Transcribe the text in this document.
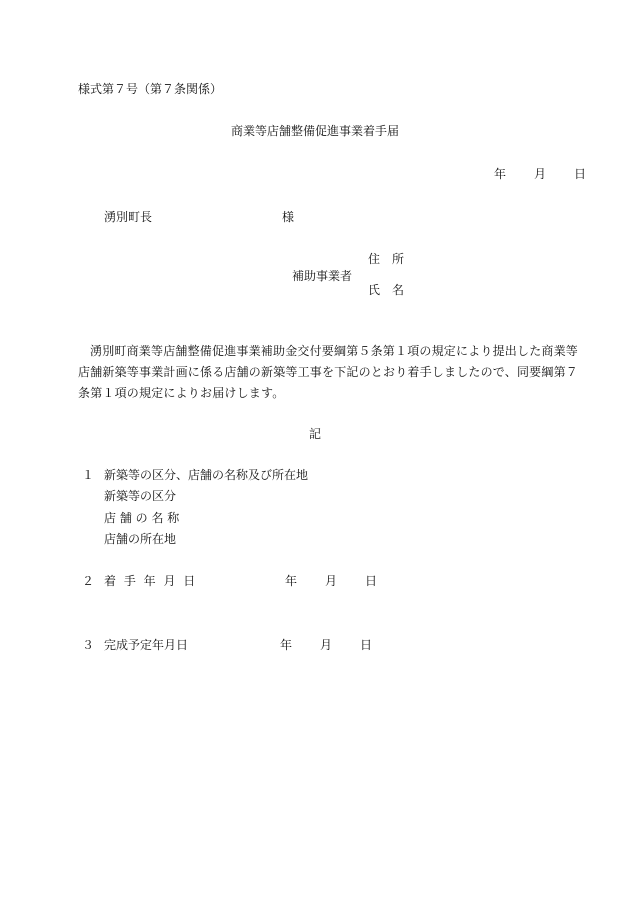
様式第７号（第７条関係）
商業等店舗整備促進事業着手届
年 月 日
湧別町長	様
住　所
補助事業者
氏　名
湧別町商業等店舗整備促進事業補助金交付要綱第５条第１項の規定により提出した商業等店舗新築等事業計画に係る店舗の新築等工事を下記のとおり着手しましたので、同要綱第７条第１項の規定によりお届けします。
記
１ 新築等の区分、店舗の名称及び所在地
新築等の区分
店 舗 の 名 称
店舗の所在地
２ 着 手 年 月 日	年 月 日
３ 完成予定年月日	年 月 日
